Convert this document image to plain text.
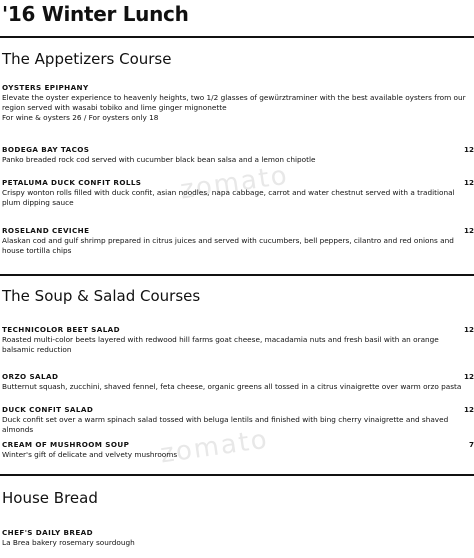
'16 Winter Lunch
zomato
zomato
The Appetizers Course
OYSTERS EPIPHANY
Elevate the oyster experience to heavenly heights, two 1/2 glasses of gewürztraminer with the best available oysters from our region served with wasabi tobiko and lime ginger mignonette
For wine & oysters 26 / For oysters only 18
BODEGA BAY TACOS
Panko breaded rock cod served with cucumber black bean salsa and a lemon chipotle
12
PETALUMA DUCK CONFIT ROLLS
Crispy wonton rolls filled with duck confit, asian noodles, napa cabbage, carrot and water chestnut served with a traditional plum dipping sauce
12
ROSELAND CEVICHE
Alaskan cod and gulf shrimp prepared in citrus juices and served with cucumbers, bell peppers, cilantro and red onions and house tortilla chips
12
The Soup & Salad Courses
TECHNICOLOR BEET SALAD
Roasted multi-color beets layered with redwood hill farms goat cheese, macadamia nuts and fresh basil with an orange balsamic reduction
12
ORZO SALAD
Butternut squash, zucchini, shaved fennel, feta cheese, organic greens all tossed in a citrus vinaigrette over warm orzo pasta
12
DUCK CONFIT SALAD
Duck confit set over a warm spinach salad tossed with beluga lentils and finished with bing cherry vinaigrette and shaved almonds
12
CREAM OF MUSHROOM SOUP
Winter's gift of delicate and velvety mushrooms
7
House Bread
CHEF'S DAILY BREAD
La Brea bakery rosemary sourdough
